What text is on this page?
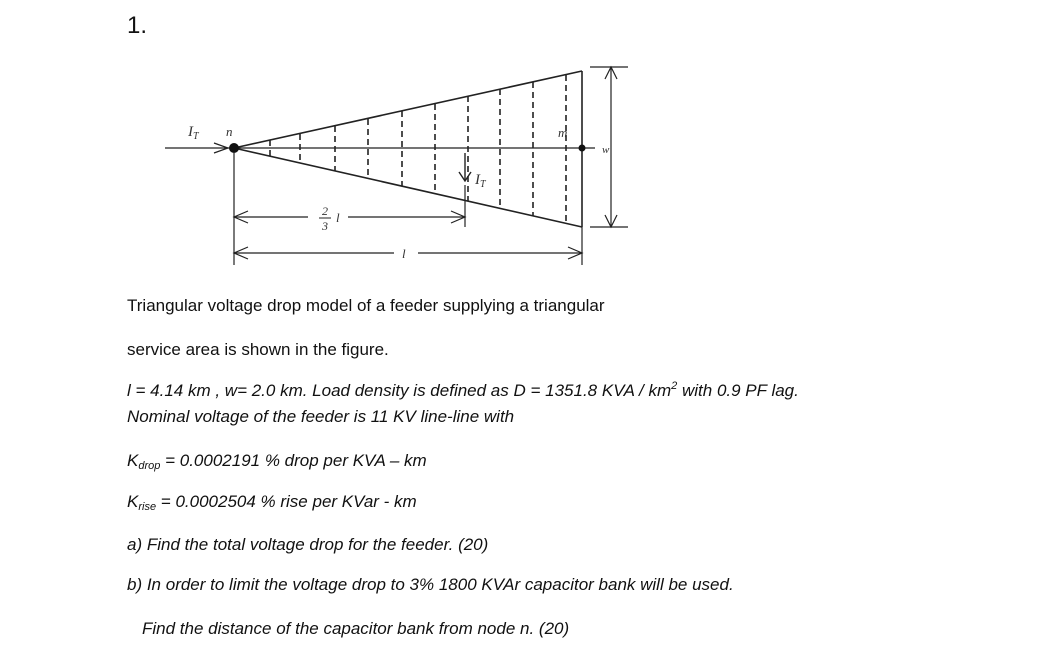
1.
$I_T$ n	m
w
$I_T$
2
3
l
l
Triangular voltage drop model of a feeder supplying a triangular
service area is shown in the figure.
l = 4.14 km , w= 2.0 km. Load density is defined as D = 1351.8 KVA / $km^2$ with 0.9 PF lag.
Nominal voltage of the feeder is 11 KV line-line with
$K_{drop} = 0.0002191$ % drop per KVA – km
$K_{rise} = 0.0002504$ % rise per KVar - km
a) Find the total voltage drop for the feeder. (20)
b) In order to limit the voltage drop to 3% 1800 KVAr capacitor bank will be used.
Find the distance of the capacitor bank from node n. (20)
